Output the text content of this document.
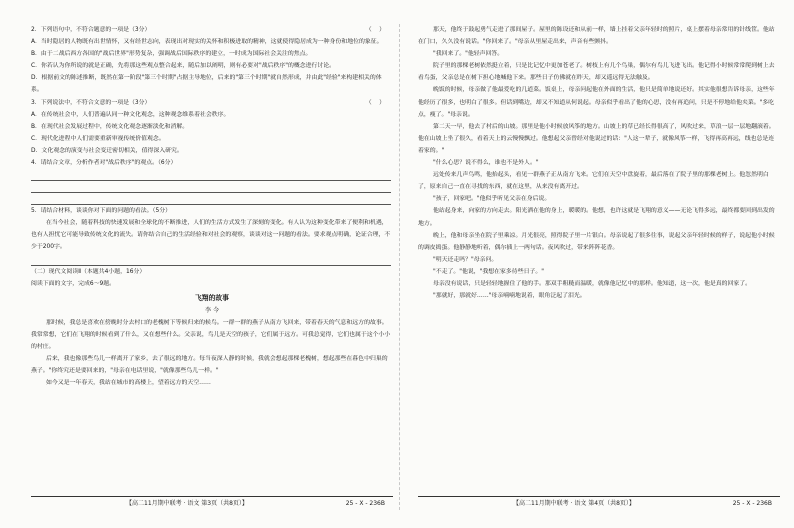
2．下列语句中，不符合题意的一项是（3分）	（    ）

A．当时隐居的人物既有出世情怀，又有经世志向，表现出对现实的关怀和积极进取的精神，这就使得隐居成为一种身份和地位的象征。

B．由于二战后西方各国的"战后世界"形势复杂，强调战后国际秩序的建立，一时成为国际社会关注的焦点。

C．你若认为你所说的就是正确，先将那这些观点整合起来，随后加以阐明，则有必要对"战后秩序"的概念进行讨论。

D．根据前文的陈述推断，既然在第一阶段"第三个时期"占据主导地位，后来的"第三个时期"就自然形成，并由此"经验"来构建相关的体系。

3．下列说法中，不符合文意的一项是（3分）	（    ）

A．在传统社会中，人们普遍认同一种文化观念，这种观念维系着社会秩序。

B．在现代社会发展过程中，传统文化观念逐渐淡化和消解。

C．现代化进程中人们需要重新审视传统价值观念。

D．文化观念的演变与社会变迁密切相关，值得深入研究。

4．请结合文章，分析作者对"战后秩序"的观点。（6分）

5．请结合材料，谈谈你对下面的问题的看法。（5分）

在当今社会，随着科技的快速发展和全球化的不断推进，人们的生活方式发生了深刻的变化。有人认为这种变化带来了便利和机遇，也有人担忧它可能导致传统文化的流失。请你结合自己的生活经验和对社会的观察，谈谈对这一问题的看法。要求观点明确，论证合理，不少于200字。

（二）现代文阅读Ⅱ（本题共4小题，16分）

阅读下面的文字，完成6～9题。

飞翔的故事
李 今

那时候，我总是喜欢在傍晚时分去村口的老槐树下等候归来的候鸟。一群一群的燕子从南方飞回来，带着春天的气息和远方的故事。我常常想，它们在飞翔的时候看到了什么，又在想些什么。父亲说，鸟儿是天空的孩子，它们属于远方。可我总觉得，它们也属于这个小小的村庄。

后来，我也像那些鸟儿一样离开了家乡，去了很远的地方。每当夜深人静的时候，我就会想起那棵老槐树，想起那些在暮色中归巢的燕子。"你终究还是要回来的，"母亲在电话里说，"就像那些鸟儿一样。"

如今又是一年春天，我站在城市的高楼上，望着远方的天空……

那天，他终于鼓起勇气走进了那间屋子。屋里的陈设还和从前一样，墙上挂着父亲年轻时的照片，桌上摆着母亲常用的针线筐。他站在门口，久久没有说话。"你回来了。"母亲从里屋走出来，声音有些颤抖。
"我回来了。"他轻声回答。
院子里的那棵老树依然挺立着，只是比记忆中更加苍老了。树枝上有几个鸟巢，偶尔有鸟儿飞进飞出。他记得小时候常常爬到树上去看鸟蛋，父亲总是在树下担心地喊他下来。那些日子仿佛就在昨天，却又遥远得无法触及。
晚饭的时候，母亲做了他最爱吃的几道菜。饭桌上，母亲问起他在外面的生活，他只是简单地说还好。其实他很想告诉母亲，这些年他经历了很多，也明白了很多。但话到嘴边，却又不知道从何说起。母亲似乎看出了他的心思，没有再追问，只是不停地给他夹菜。"多吃点，瘦了。"母亲说。
第二天一早，他去了村后的山坡。那里是他小时候放风筝的地方。山坡上的草已经长得很高了，风吹过来，草浪一层一层地翻滚着。他在山坡上坐了很久，看着天上的云慢慢飘过。他想起父亲曾经对他说过的话："人这一辈子，就像风筝一样，飞得再高再远，线也总是连着家的。"
"什么心思？说不得么，谁也不是外人。"
远处传来几声鸟鸣，他抬起头，看见一群燕子正从南方飞来。它们在天空中盘旋着，最后落在了院子里的那棵老树上。他忽然明白了，原来自己一直在寻找的东西，就在这里，从来没有离开过。
"孩子，回家吧。"他似乎听见父亲在身后说。
他站起身来，向家的方向走去。阳光洒在他的身上，暖暖的。他想，也许这就是飞翔的意义——无论飞得多远，最终都要回到出发的地方。
晚上，他和母亲坐在院子里乘凉。月光很亮，照得院子里一片银白。母亲说起了很多往事，说起父亲年轻时候的样子，说起他小时候的调皮捣蛋。他静静地听着，偶尔插上一两句话。夜风吹过，带来阵阵花香。
"明天还走吗？"母亲问。
"不走了。"他说，"我想在家多待些日子。"
母亲没有说话，只是轻轻地握住了他的手。那双手粗糙而温暖，就像他记忆中的那样。他知道，这一次，他是真的回家了。
"那就好，那就好……"母亲喃喃地说着，眼角泛起了泪光。

【高二11月期中联考 · 语文 第3页（共8页）】	25 - X - 236B	【高二11月期中联考 · 语文 第4页（共8页）】	25 - X - 236B
